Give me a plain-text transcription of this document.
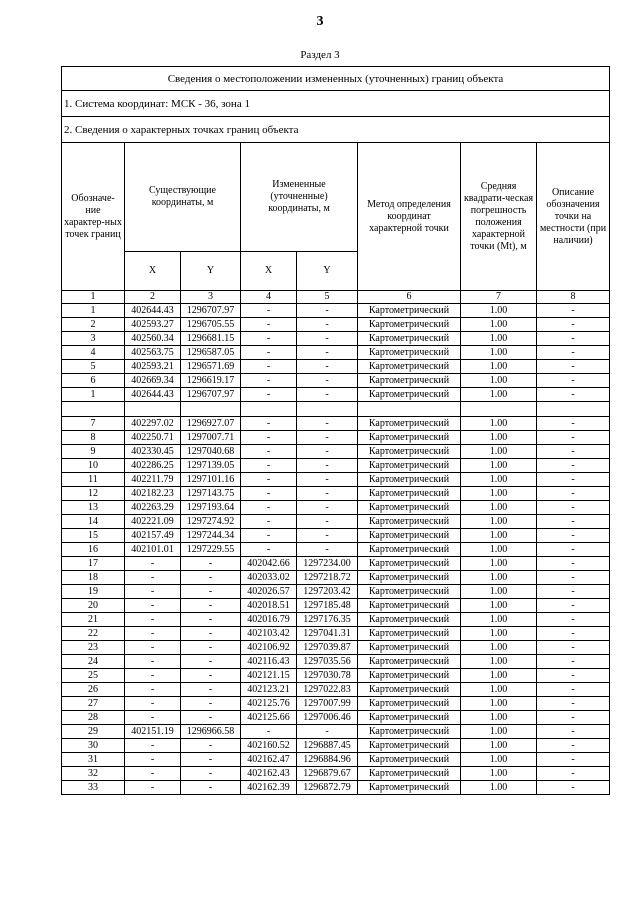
3
Раздел 3
Сведения о местоположении измененных (уточненных) границ объекта							
1. Система координат: МСК - 36, зона 1							
2. Сведения о характерных точках границ объекта							
Обозначе-ние характер-ных точек границ	Существующие координаты, м		Измененные (уточненные) координаты, м		Метод определения координат характерной точки	Средняя квадрати-ческая погрешность положения характерной точки (Mt), м	Описание обозначения точки на местности (при наличии)
	X	Y	X	Y			
1	2	3	4	5	6	7	8
1	402644.43	1296707.97	-	-	Картометрический	1.00	-
2	402593.27	1296705.55	-	-	Картометрический	1.00	-
3	402560.34	1296681.15	-	-	Картометрический	1.00	-
4	402563.75	1296587.05	-	-	Картометрический	1.00	-
5	402593.21	1296571.69	-	-	Картометрический	1.00	-
6	402669.34	1296619.17	-	-	Картометрический	1.00	-
1	402644.43	1296707.97	-	-	Картометрический	1.00	-

7	402297.02	1296927.07	-	-	Картометрический	1.00	-
8	402250.71	1297007.71	-	-	Картометрический	1.00	-
9	402330.45	1297040.68	-	-	Картометрический	1.00	-
10	402286.25	1297139.05	-	-	Картометрический	1.00	-
11	402211.79	1297101.16	-	-	Картометрический	1.00	-
12	402182.23	1297143.75	-	-	Картометрический	1.00	-
13	402263.29	1297193.64	-	-	Картометрический	1.00	-
14	402221.09	1297274.92	-	-	Картометрический	1.00	-
15	402157.49	1297244.34	-	-	Картометрический	1.00	-
16	402101.01	1297229.55	-	-	Картометрический	1.00	-
17	-	-	402042.66	1297234.00	Картометрический	1.00	-
18	-	-	402033.02	1297218.72	Картометрический	1.00	-
19	-	-	402026.57	1297203.42	Картометрический	1.00	-
20	-	-	402018.51	1297185.48	Картометрический	1.00	-
21	-	-	402016.79	1297176.35	Картометрический	1.00	-
22	-	-	402103.42	1297041.31	Картометрический	1.00	-
23	-	-	402106.92	1297039.87	Картометрический	1.00	-
24	-	-	402116.43	1297035.56	Картометрический	1.00	-
25	-	-	402121.15	1297030.78	Картометрический	1.00	-
26	-	-	402123.21	1297022.83	Картометрический	1.00	-
27	-	-	402125.76	1297007.99	Картометрический	1.00	-
28	-	-	402125.66	1297006.46	Картометрический	1.00	-
29	402151.19	1296966.58	-	-	Картометрический	1.00	-
30	-	-	402160.52	1296887.45	Картометрический	1.00	-
31	-	-	402162.47	1296884.96	Картометрический	1.00	-
32	-	-	402162.43	1296879.67	Картометрический	1.00	-
33	-	-	402162.39	1296872.79	Картометрический	1.00	-
